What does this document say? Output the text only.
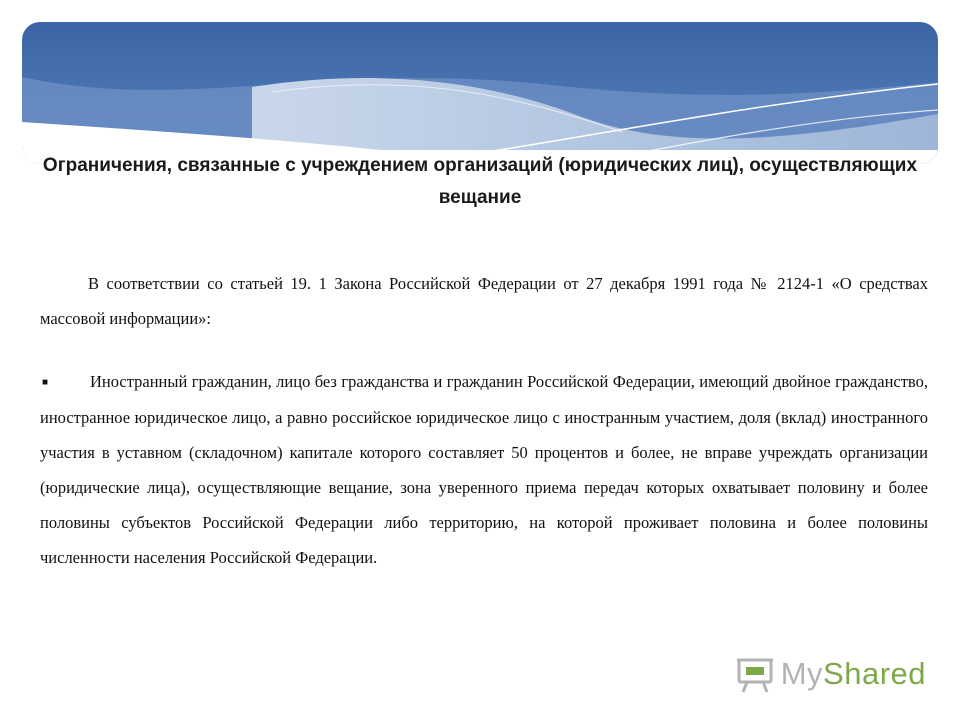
Ограничения, связанные с учреждением организаций (юридических лиц), осуществляющих вещание

В соответствии со статьей 19. 1 Закона Российской Федерации от 27 декабря 1991 года № 2124-1 «О средствах массовой информации»:

■	Иностранный гражданин, лицо без гражданства и гражданин Российской Федерации, имеющий двойное гражданство, иностранное юридическое лицо, а равно российское юридическое лицо с иностранным участием, доля (вклад) иностранного участия в уставном (складочном) капитале которого составляет 50 процентов и более, не вправе учреждать организации (юридические лица), осуществляющие вещание, зона уверенного приема передач которых охватывает половину и более половины субъектов Российской Федерации либо территорию, на которой проживает половина и более половины численности населения Российской Федерации.

MyShared
